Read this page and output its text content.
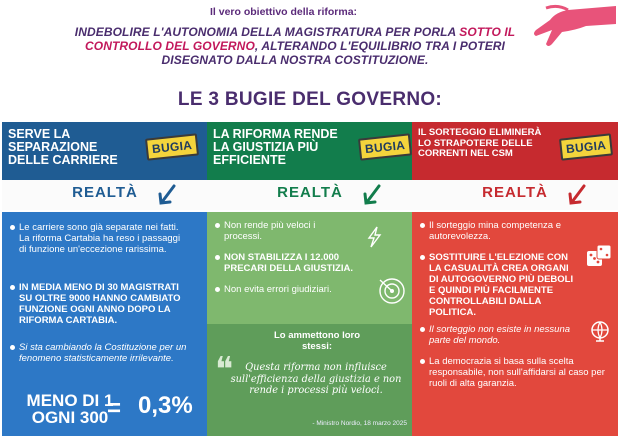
Il vero obiettivo della riforma:
INDEBOLIRE L'AUTONOMIA DELLA MAGISTRATURA PER PORLA SOTTO IL CONTROLLO DEL GOVERNO, ALTERANDO L'EQUILIBRIO TRA I POTERI DISEGNATO DALLA NOSTRA COSTITUZIONE.
LE 3 BUGIE DEL GOVERNO:
SERVE LA SEPARAZIONE DELLE CARRIERE
BUGIA
REALTÀ
Le carriere sono già separate nei fatti. La riforma Cartabia ha reso i passaggi di funzione un'eccezione rarissima.
IN MEDIA MENO DI 30 MAGISTRATI SU OLTRE 9000 HANNO CAMBIATO FUNZIONE OGNI ANNO DOPO LA RIFORMA CARTABIA.
Si sta cambiando la Costituzione per un fenomeno statisticamente irrilevante.
MENO DI 1 OGNI 300
= 0,3%
LA RIFORMA RENDE LA GIUSTIZIA PIÙ EFFICIENTE
BUGIA
REALTÀ
Non rende più veloci i processi.
NON STABILIZZA I 12.000 PRECARI DELLA GIUSTIZIA.
Non evita errori giudiziari.
Lo ammettono loro stessi:
❝	Questa riforma non influisce sull'efficienza della giustizia e non rende i processi più veloci.
- Ministro Nordio, 18 marzo 2025
IL SORTEGGIO ELIMINERÀ LO STRAPOTERE DELLE CORRENTI NEL CSM	BUGIA
REALTÀ
Il sorteggio mina competenza e autorevolezza.
SOSTITUIRE L'ELEZIONE CON LA CASUALITÀ CREA ORGANI DI AUTOGOVERNO PIÙ DEBOLI E QUINDI PIÙ FACILMENTE CONTROLLABILI DALLA POLITICA.
Il sorteggio non esiste in nessuna parte del mondo.
La democrazia si basa sulla scelta responsabile, non sull'affidarsi al caso per ruoli di alta garanzia.
